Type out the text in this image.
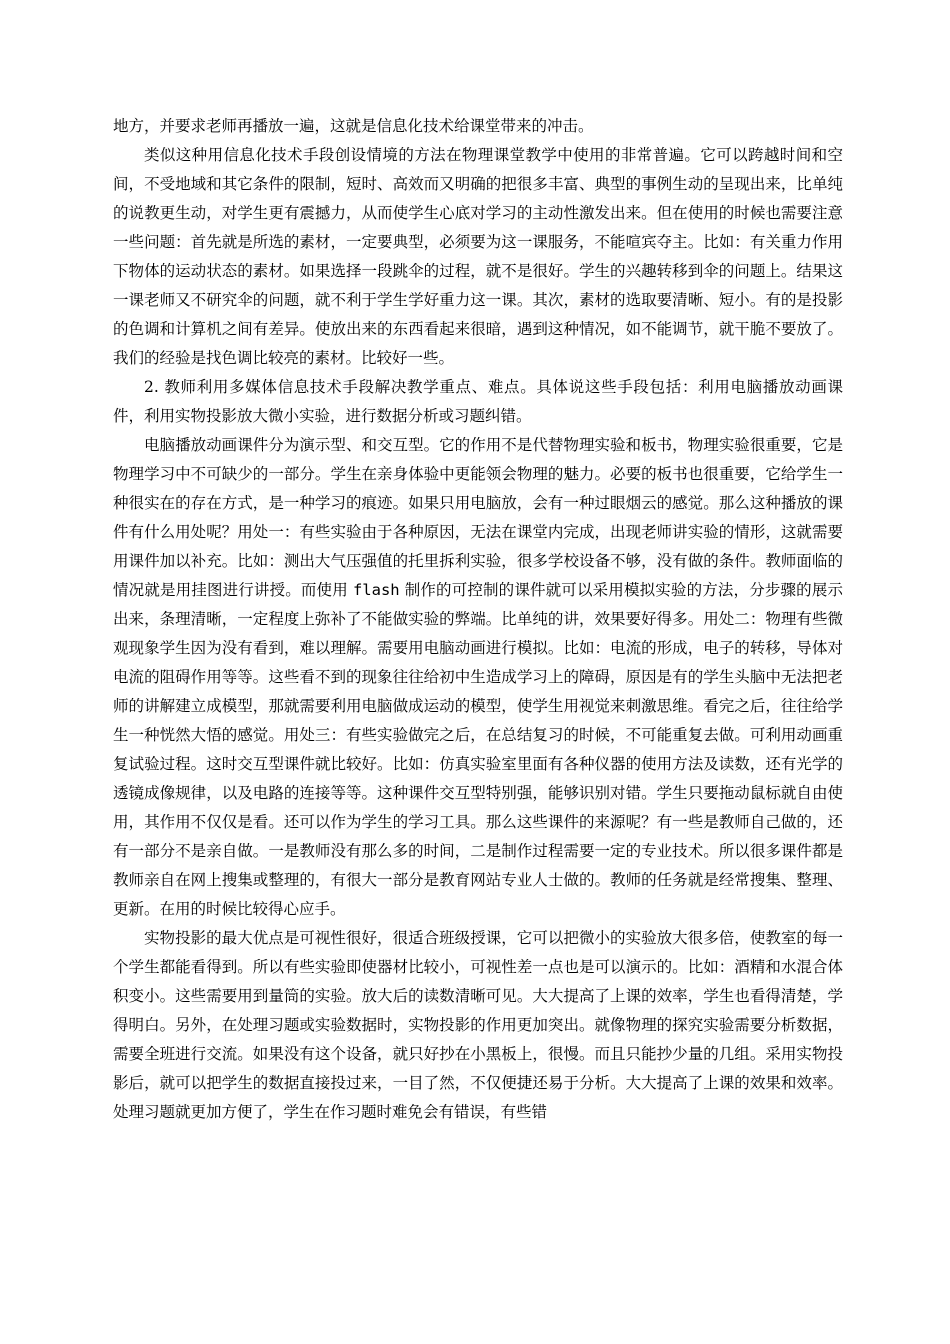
地方，并要求老师再播放一遍，这就是信息化技术给课堂带来的冲击。

类似这种用信息化技术手段创设情境的方法在物理课堂教学中使用的非常普遍。它可以跨越时间和空间，不受地域和其它条件的限制，短时、高效而又明确的把很多丰富、典型的事例生动的呈现出来，比单纯的说教更生动，对学生更有震撼力，从而使学生心底对学习的主动性激发出来。但在使用的时候也需要注意一些问题：首先就是所选的素材，一定要典型，必须要为这一课服务，不能喧宾夺主。比如：有关重力作用下物体的运动状态的素材。如果选择一段跳伞的过程，就不是很好。学生的兴趣转移到伞的问题上。结果这一课老师又不研究伞的问题，就不利于学生学好重力这一课。其次，素材的选取要清晰、短小。有的是投影的色调和计算机之间有差异。使放出来的东西看起来很暗，遇到这种情况，如不能调节，就干脆不要放了。我们的经验是找色调比较亮的素材。比较好一些。

2. 教师利用多媒体信息技术手段解决教学重点、难点。具体说这些手段包括：利用电脑播放动画课件，利用实物投影放大微小实验，进行数据分析或习题纠错。

电脑播放动画课件分为演示型、和交互型。它的作用不是代替物理实验和板书，物理实验很重要，它是物理学习中不可缺少的一部分。学生在亲身体验中更能领会物理的魅力。必要的板书也很重要，它给学生一种很实在的存在方式，是一种学习的痕迹。如果只用电脑放，会有一种过眼烟云的感觉。那么这种播放的课件有什么用处呢？用处一：有些实验由于各种原因，无法在课堂内完成，出现老师讲实验的情形，这就需要用课件加以补充。比如：测出大气压强值的托里拆利实验，很多学校设备不够，没有做的条件。教师面临的情况就是用挂图进行讲授。而使用 flash 制作的可控制的课件就可以采用模拟实验的方法，分步骤的展示出来，条理清晰，一定程度上弥补了不能做实验的弊端。比单纯的讲，效果要好得多。用处二：物理有些微观现象学生因为没有看到，难以理解。需要用电脑动画进行模拟。比如：电流的形成，电子的转移，导体对电流的阻碍作用等等。这些看不到的现象往往给初中生造成学习上的障碍，原因是有的学生头脑中无法把老师的讲解建立成模型，那就需要利用电脑做成运动的模型，使学生用视觉来刺激思维。看完之后，往往给学生一种恍然大悟的感觉。用处三：有些实验做完之后，在总结复习的时候，不可能重复去做。可利用动画重复试验过程。这时交互型课件就比较好。比如：仿真实验室里面有各种仪器的使用方法及读数，还有光学的透镜成像规律，以及电路的连接等等。这种课件交互型特别强，能够识别对错。学生只要拖动鼠标就自由使用，其作用不仅仅是看。还可以作为学生的学习工具。那么这些课件的来源呢？有一些是教师自己做的，还有一部分不是亲自做。一是教师没有那么多的时间，二是制作过程需要一定的专业技术。所以很多课件都是教师亲自在网上搜集或整理的，有很大一部分是教育网站专业人士做的。教师的任务就是经常搜集、整理、更新。在用的时候比较得心应手。

实物投影的最大优点是可视性很好，很适合班级授课，它可以把微小的实验放大很多倍，使教室的每一个学生都能看得到。所以有些实验即使器材比较小，可视性差一点也是可以演示的。比如：酒精和水混合体积变小。这些需要用到量筒的实验。放大后的读数清晰可见。大大提高了上课的效率，学生也看得清楚，学得明白。另外，在处理习题或实验数据时，实物投影的作用更加突出。就像物理的探究实验需要分析数据，需要全班进行交流。如果没有这个设备，就只好抄在小黑板上，很慢。而且只能抄少量的几组。采用实物投影后，就可以把学生的数据直接投过来，一目了然，不仅便捷还易于分析。大大提高了上课的效果和效率。处理习题就更加方便了，学生在作习题时难免会有错误，有些错
